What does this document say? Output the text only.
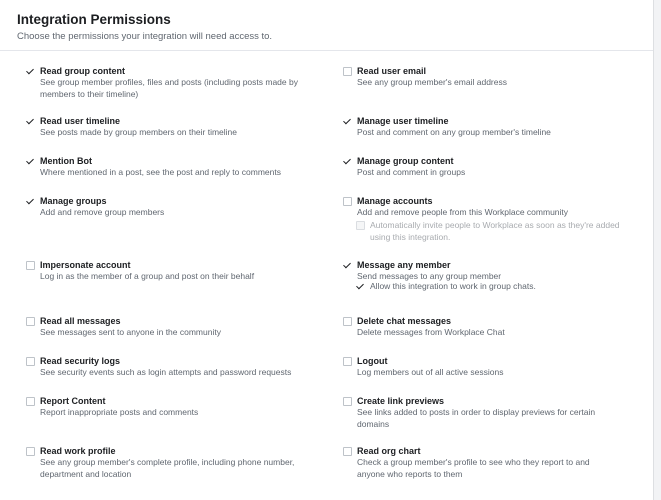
Integration Permissions
Choose the permissions your integration will need access to.
Read group content
See group member profiles, files and posts (including posts made by members to their timeline)
Read user email
See any group member's email address
Read user timeline
See posts made by group members on their timeline
Manage user timeline
Post and comment on any group member's timeline
Mention Bot
Where mentioned in a post, see the post and reply to comments
Manage group content
Post and comment in groups
Manage groups
Add and remove group members
Manage accounts
Add and remove people from this Workplace community
Automatically invite people to Workplace as soon as they're added using this integration.
Impersonate account
Log in as the member of a group and post on their behalf
Message any member
Send messages to any group member
Allow this integration to work in group chats.
Read all messages
See messages sent to anyone in the community
Delete chat messages
Delete messages from Workplace Chat
Read security logs
See security events such as login attempts and password requests
Logout
Log members out of all active sessions
Report Content
Report inappropriate posts and comments
Create link previews
See links added to posts in order to display previews for certain domains
Read work profile
See any group member's complete profile, including phone number, department and location
Read org chart
Check a group member's profile to see who they report to and anyone who reports to them
